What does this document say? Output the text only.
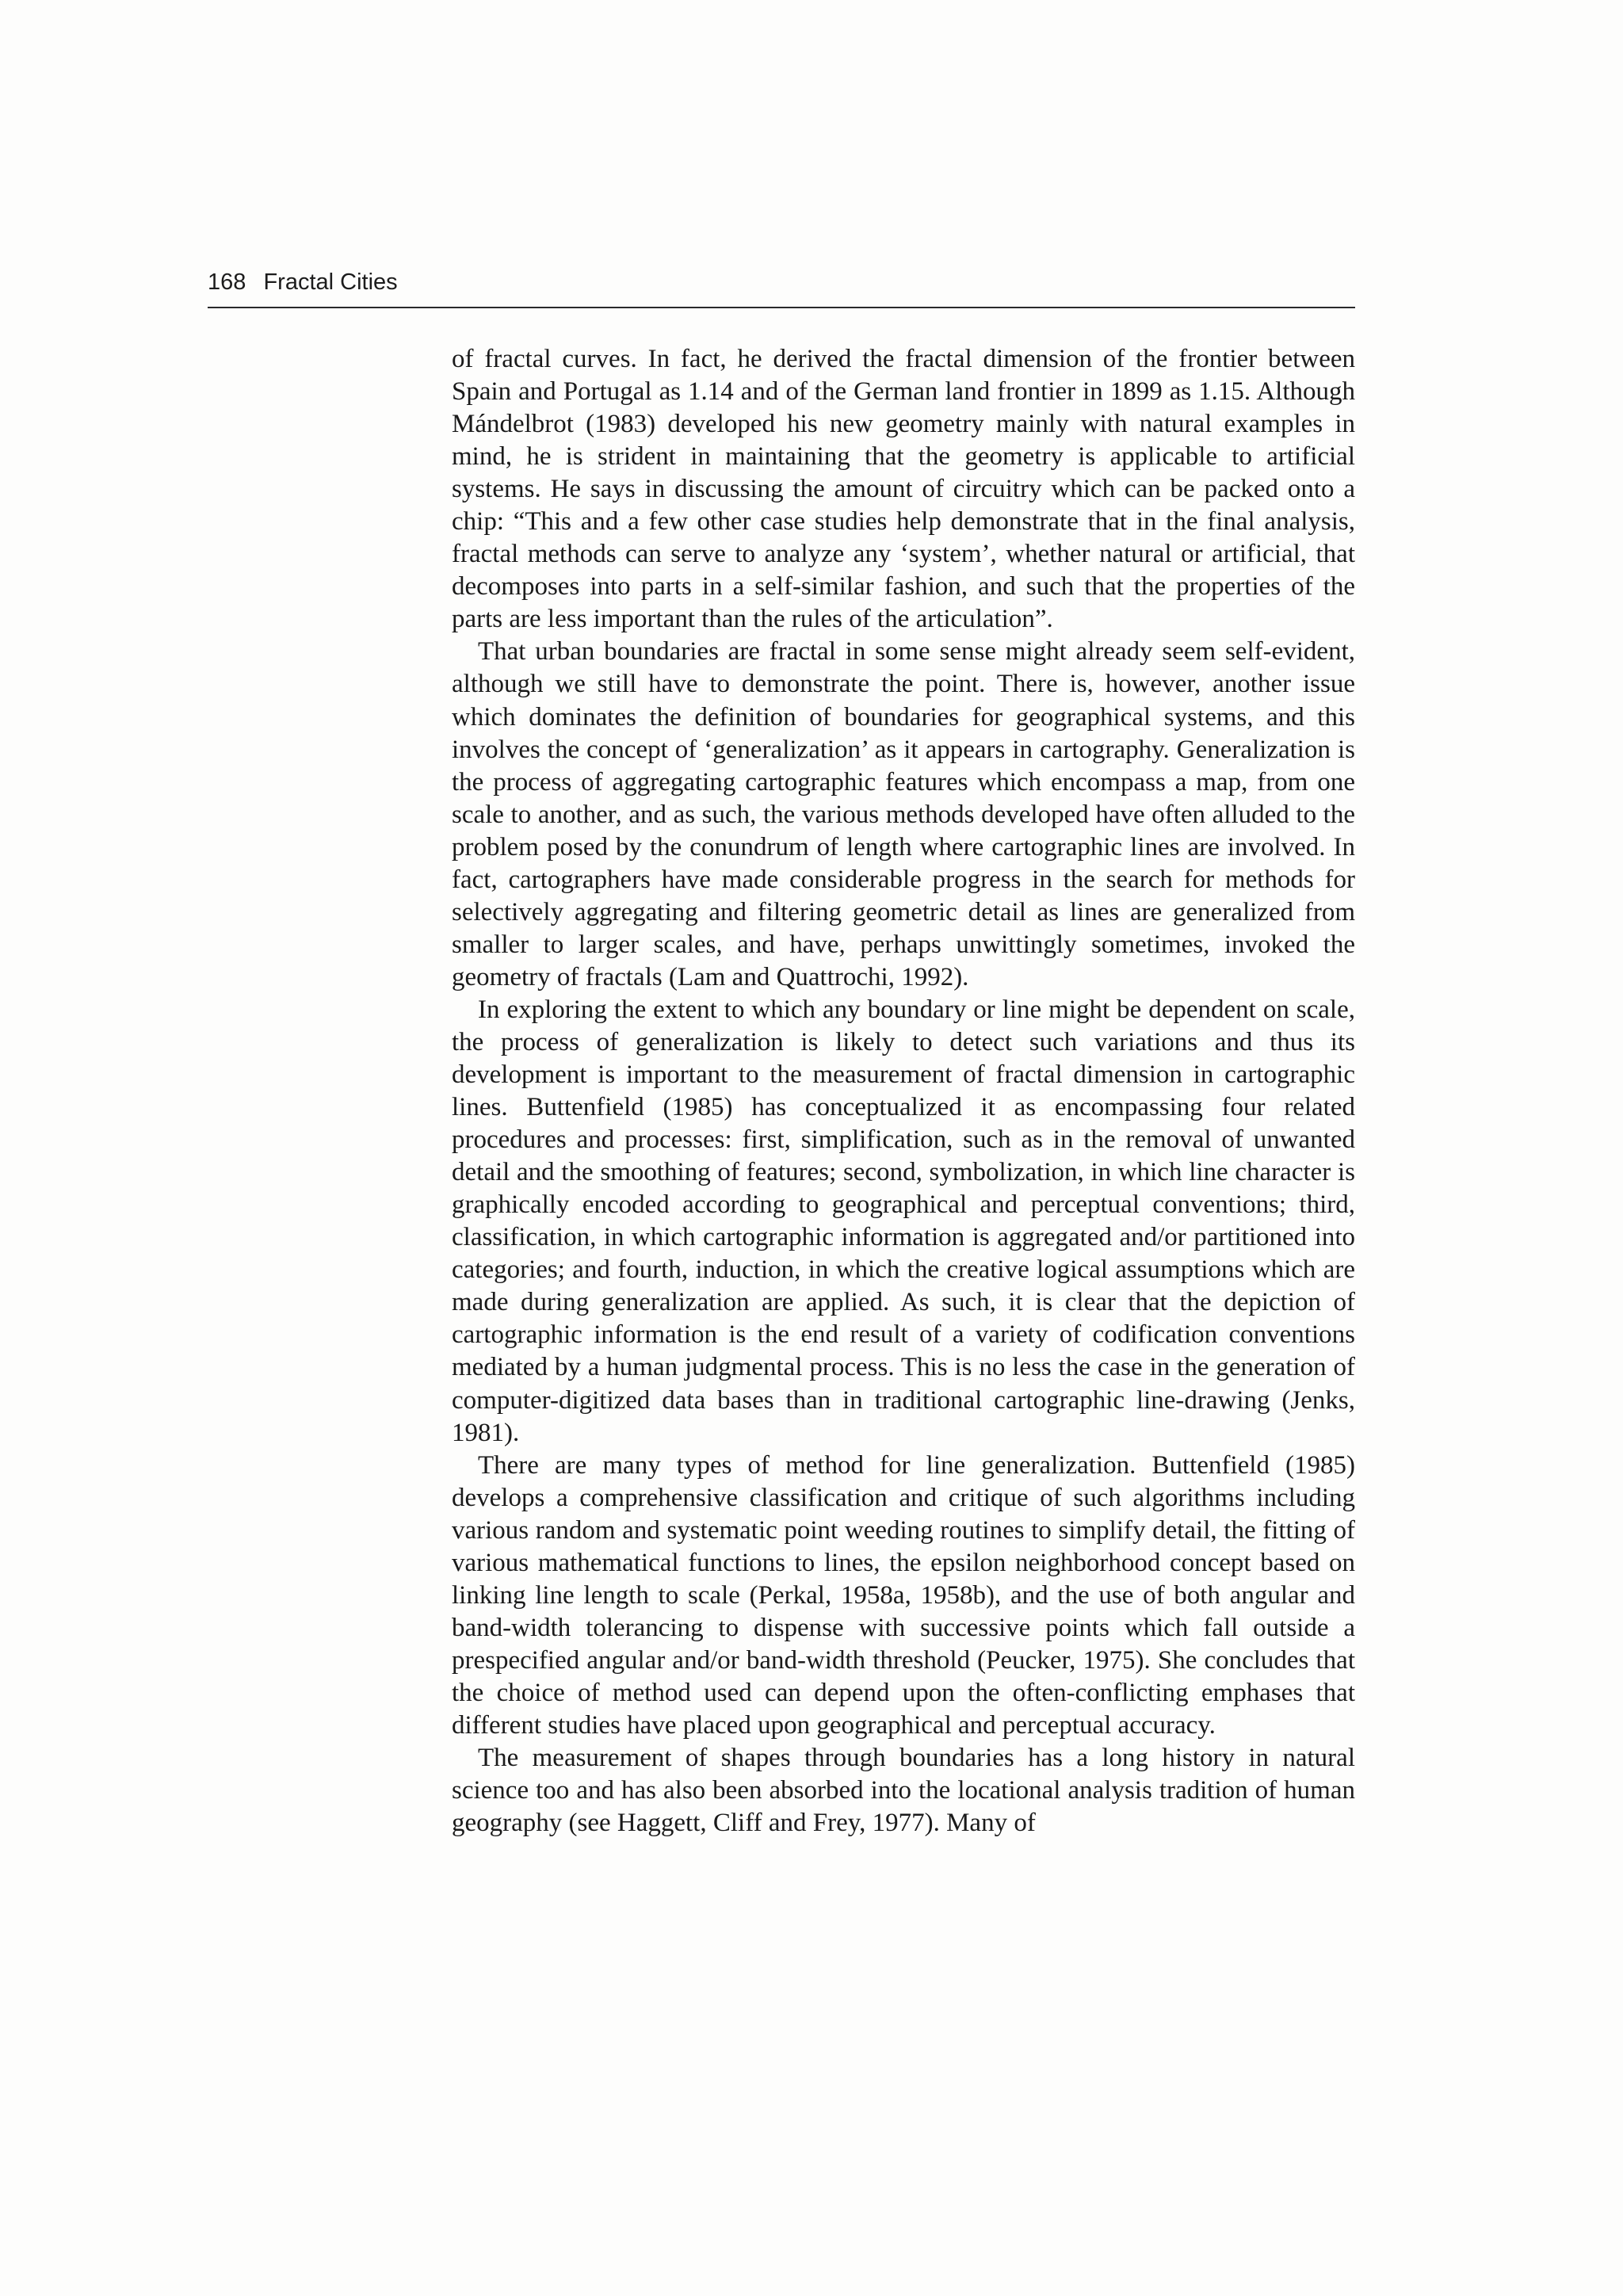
168 Fractal Cities

of fractal curves. In fact, he derived the fractal dimension of the frontier between Spain and Portugal as 1.14 and of the German land frontier in 1899 as 1.15. Although Mándelbrot (1983) developed his new geometry mainly with natural examples in mind, he is strident in maintaining that the geometry is applicable to artificial systems. He says in discussing the amount of circuitry which can be packed onto a chip: “This and a few other case studies help demonstrate that in the final analysis, fractal methods can serve to analyze any ‘system’, whether natural or artificial, that decomposes into parts in a self-similar fashion, and such that the properties of the parts are less important than the rules of the articulation”.

That urban boundaries are fractal in some sense might already seem self-evident, although we still have to demonstrate the point. There is, however, another issue which dominates the definition of boundaries for geographical systems, and this involves the concept of ‘generalization’ as it appears in cartography. Generalization is the process of aggregating cartographic features which encompass a map, from one scale to another, and as such, the various methods developed have often alluded to the problem posed by the conundrum of length where cartographic lines are involved. In fact, cartographers have made considerable progress in the search for methods for selectively aggregating and filtering geometric detail as lines are generalized from smaller to larger scales, and have, perhaps unwittingly sometimes, invoked the geometry of fractals (Lam and Quattrochi, 1992).

In exploring the extent to which any boundary or line might be dependent on scale, the process of generalization is likely to detect such variations and thus its development is important to the measurement of fractal dimension in cartographic lines. Buttenfield (1985) has conceptualized it as encompassing four related procedures and processes: first, simplification, such as in the removal of unwanted detail and the smoothing of features; second, symbolization, in which line character is graphically encoded according to geographical and perceptual conventions; third, classification, in which cartographic information is aggregated and/or partitioned into categories; and fourth, induction, in which the creative logical assumptions which are made during generalization are applied. As such, it is clear that the depiction of cartographic information is the end result of a variety of codification conventions mediated by a human judgmental process. This is no less the case in the generation of computer-digitized data bases than in traditional cartographic line-drawing (Jenks, 1981).

There are many types of method for line generalization. Buttenfield (1985) develops a comprehensive classification and critique of such algorithms including various random and systematic point weeding routines to simplify detail, the fitting of various mathematical functions to lines, the epsilon neighborhood concept based on linking line length to scale (Perkal, 1958a, 1958b), and the use of both angular and band-width tolerancing to dispense with successive points which fall outside a prespecified angular and/or band-width threshold (Peucker, 1975). She concludes that the choice of method used can depend upon the often-conflicting emphases that different studies have placed upon geographical and perceptual accuracy.

The measurement of shapes through boundaries has a long history in natural science too and has also been absorbed into the locational analysis tradition of human geography (see Haggett, Cliff and Frey, 1977). Many of
